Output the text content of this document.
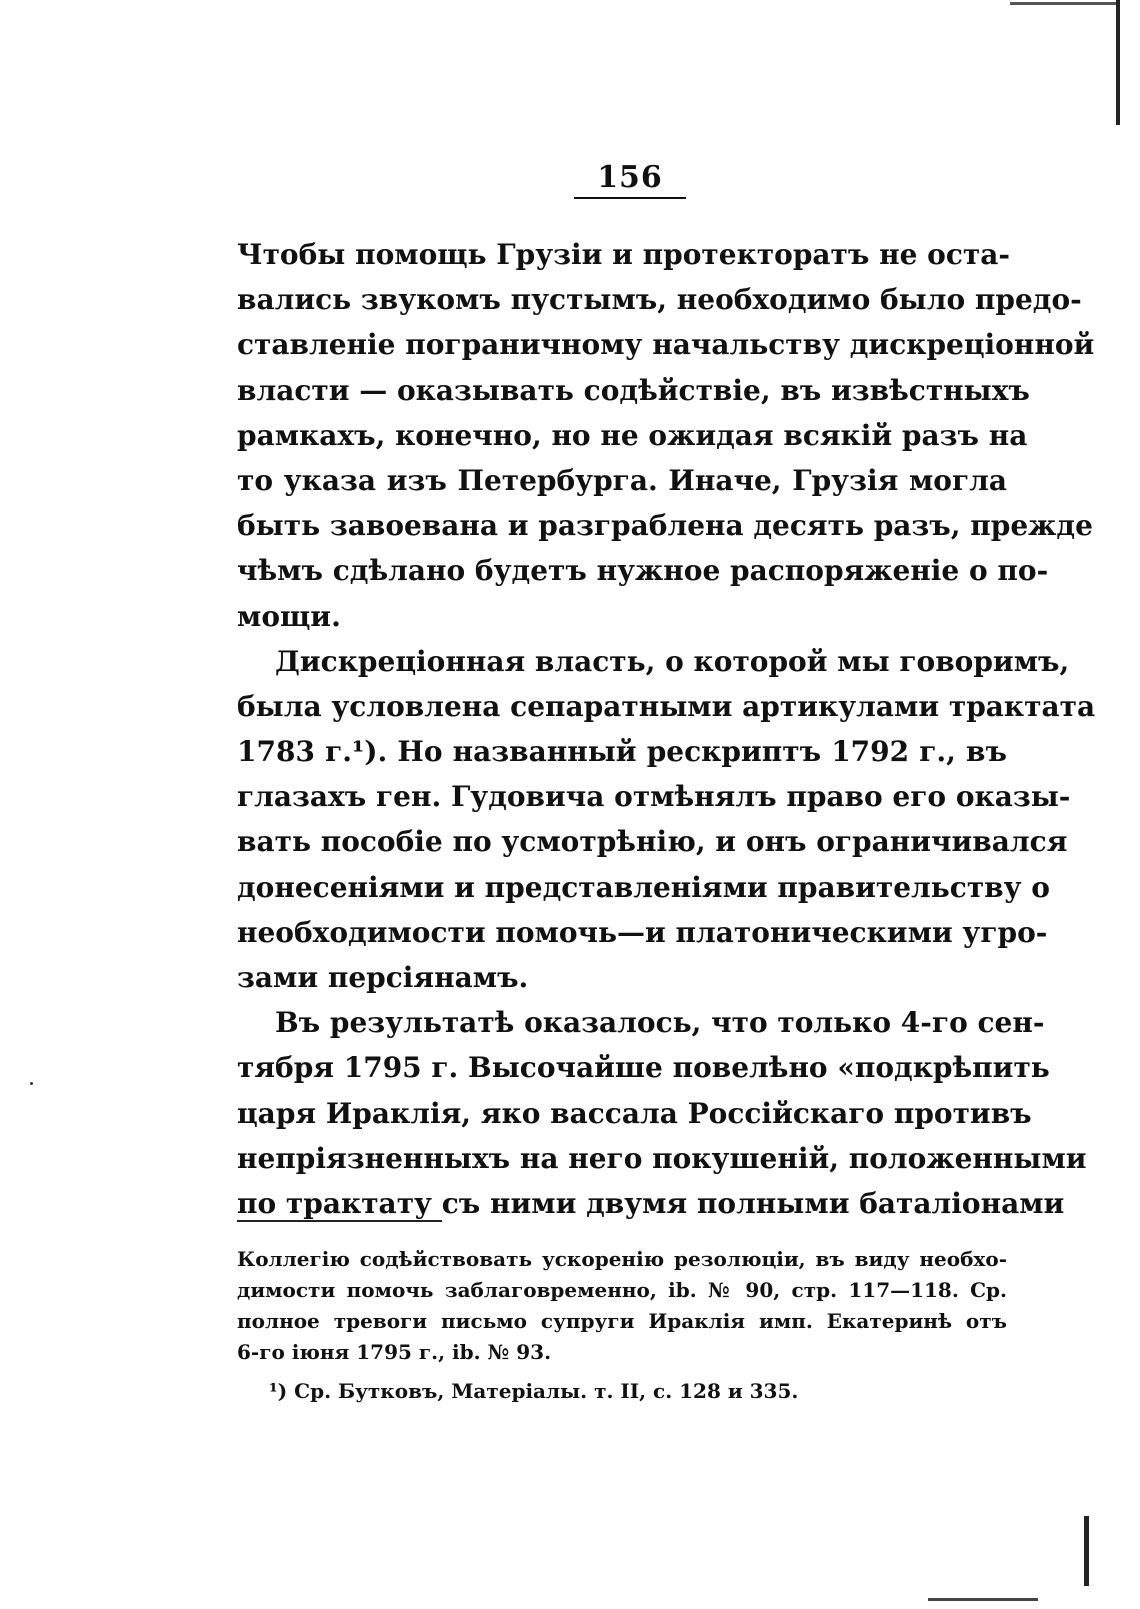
156
Чтобы помощь Грузіи и протекторатъ не оста-
вались звукомъ пустымъ, необходимо было предо-
ставленіе пограничному начальству дискреціонной
власти — оказывать содѣйствіе, въ извѣстныхъ
рамкахъ, конечно, но не ожидая всякій разъ на
то указа изъ Петербурга. Иначе, Грузія могла
быть завоевана и разграблена десять разъ, прежде
чѣмъ сдѣлано будетъ нужное распоряженіе о по-
мощи.
Дискреціонная власть, о которой мы говоримъ,
была условлена сепаратными артикулами трактата
1783 г.¹). Но названный рескриптъ 1792 г., въ
глазахъ ген. Гудовича отмѣнялъ право его оказы-
вать пособіе по усмотрѣнію, и онъ ограничивался
донесеніями и представленіями правительству о
необходимости помочь—и платоническими угро-
зами персіянамъ.
Въ результатѣ оказалось, что только 4-го сен-
тября 1795 г. Высочайше повелѣно «подкрѣпить
царя Ираклія, яко вассала Россійскаго противъ
непріязненныхъ на него покушеній, положенными
по трактату съ ними двумя полными баталіонами
Коллегію содѣйствовать ускоренію резолюціи, въ виду необхо-
димости помочь заблаговременно, ib. № 90, стр. 117—118. Ср.
полное тревоги письмо супруги Ираклія имп. Екатеринѣ отъ
6-го іюня 1795 г., ib. № 93.
¹) Ср. Бутковъ, Матеріалы. т. II, с. 128 и 335.
